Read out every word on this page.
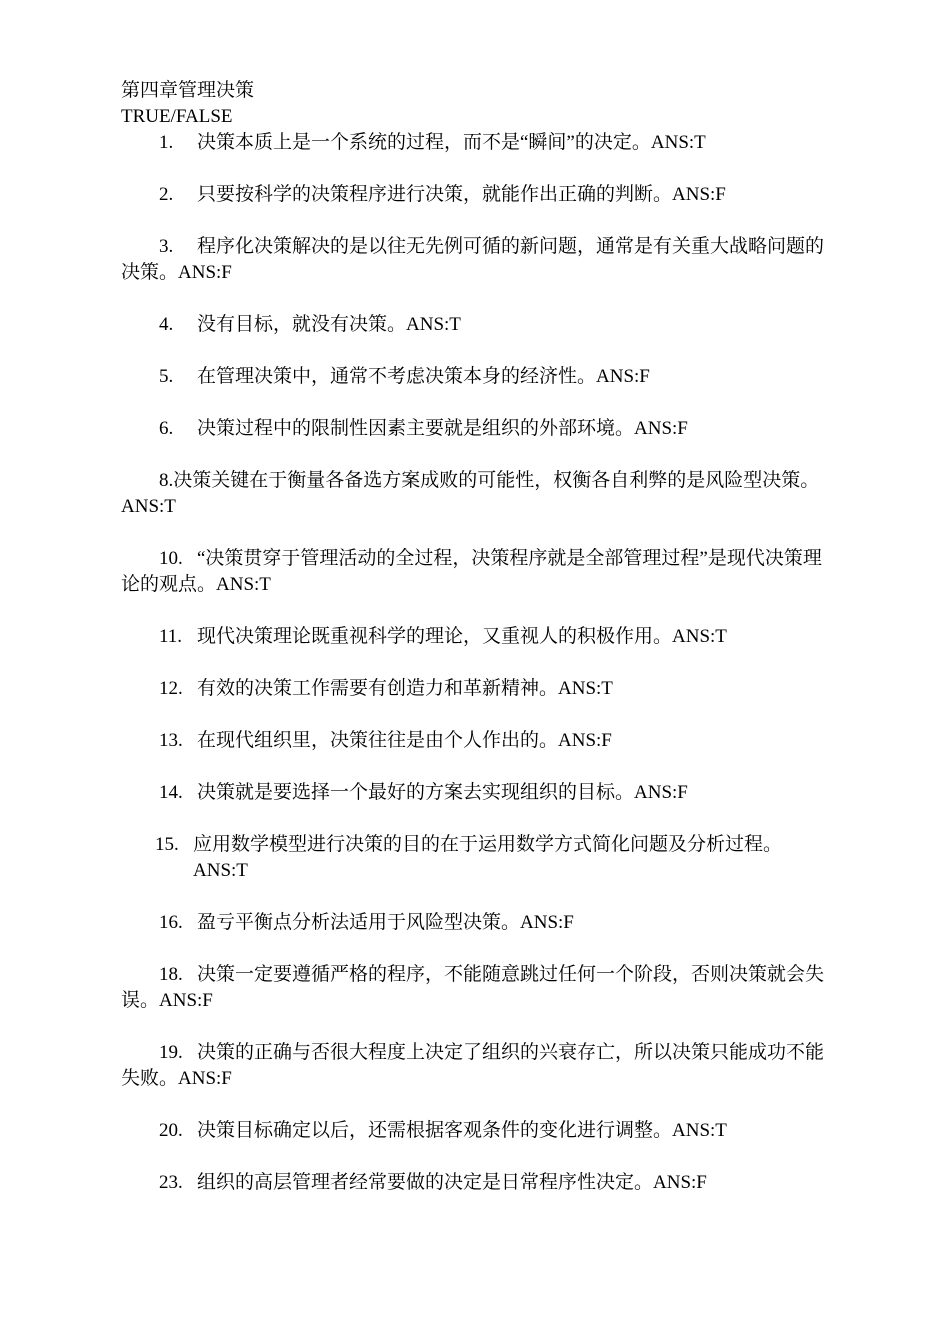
第四章管理决策
TRUE/FALSE
1. 决策本质上是一个系统的过程，而不是“瞬间”的决定。ANS:T
2. 只要按科学的决策程序进行决策，就能作出正确的判断。ANS:F
3. 程序化决策解决的是以往无先例可循的新问题，通常是有关重大战略问题的决策。ANS:F
4. 没有目标，就没有决策。ANS:T
5. 在管理决策中，通常不考虑决策本身的经济性。ANS:F
6. 决策过程中的限制性因素主要就是组织的外部环境。ANS:F
8.决策关键在于衡量各备选方案成败的可能性，权衡各自利弊的是风险型决策。ANS:T
10. “决策贯穿于管理活动的全过程，决策程序就是全部管理过程”是现代决策理论的观点。ANS:T
11. 现代决策理论既重视科学的理论，又重视人的积极作用。ANS:T
12. 有效的决策工作需要有创造力和革新精神。ANS:T
13. 在现代组织里，决策往往是由个人作出的。ANS:F
14. 决策就是要选择一个最好的方案去实现组织的目标。ANS:F
15. 应用数学模型进行决策的目的在于运用数学方式简化问题及分析过程。ANS:T
16. 盈亏平衡点分析法适用于风险型决策。ANS:F
18. 决策一定要遵循严格的程序，不能随意跳过任何一个阶段，否则决策就会失误。ANS:F
19. 决策的正确与否很大程度上决定了组织的兴衰存亡，所以决策只能成功不能失败。ANS:F
20. 决策目标确定以后，还需根据客观条件的变化进行调整。ANS:T
23. 组织的高层管理者经常要做的决定是日常程序性决定。ANS:F
